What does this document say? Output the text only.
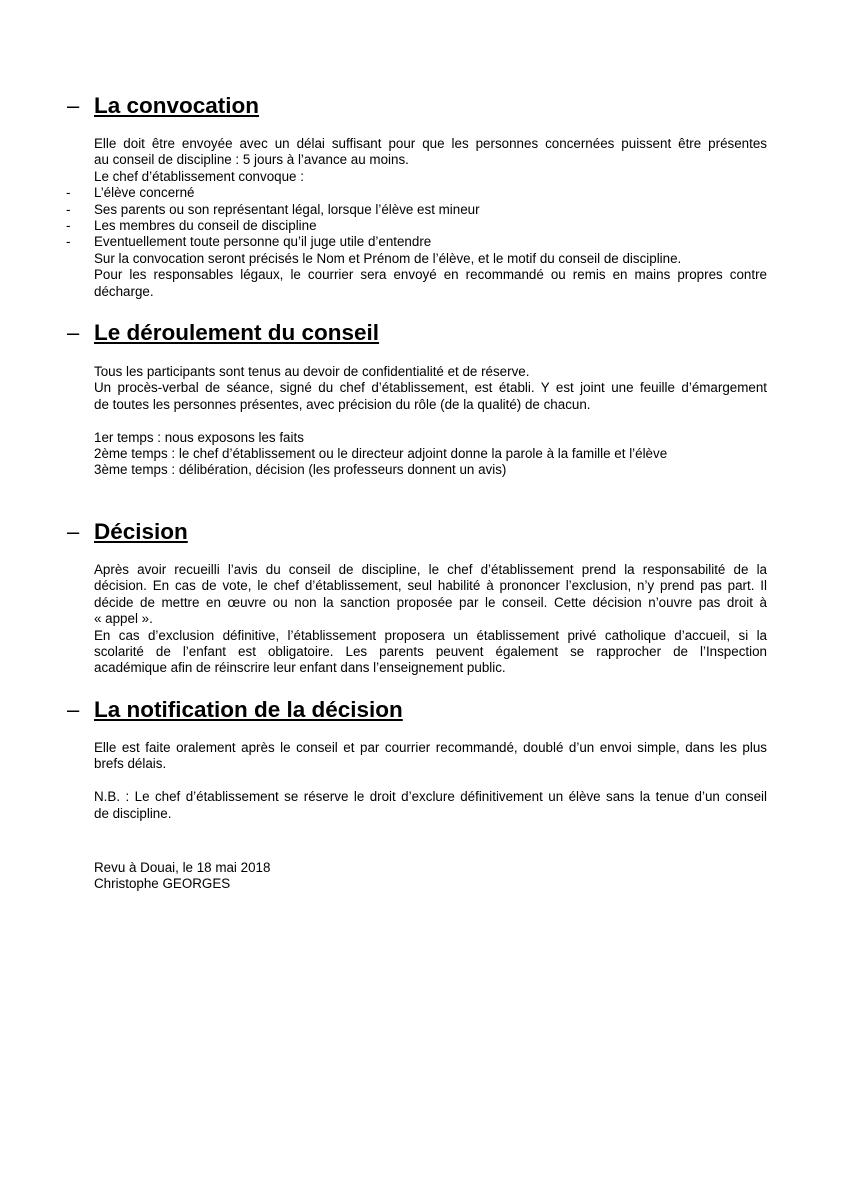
– La convocation
Elle doit être envoyée avec un délai suffisant pour que les personnes concernées puissent être présentes
au conseil de discipline : 5 jours à l’avance au moins.
Le chef d’établissement convoque :
- L’élève concerné
- Ses parents ou son représentant légal, lorsque l’élève est mineur
- Les membres du conseil de discipline
- Eventuellement toute personne qu’il juge utile d’entendre
Sur la convocation seront précisés le Nom et Prénom de l’élève, et le motif du conseil de discipline.
Pour les responsables légaux, le courrier sera envoyé en recommandé ou remis en mains propres contre
décharge.
– Le déroulement du conseil
Tous les participants sont tenus au devoir de confidentialité et de réserve.
Un procès-verbal de séance, signé du chef d’établissement, est établi. Y est joint une feuille d’émargement
de toutes les personnes présentes, avec précision du rôle (de la qualité) de chacun.
1er temps : nous exposons les faits
2ème temps : le chef d’établissement ou le directeur adjoint donne la parole à la famille et l’élève
3ème temps : délibération, décision (les professeurs donnent un avis)
– Décision
Après avoir recueilli l’avis du conseil de discipline, le chef d’établissement prend la responsabilité de la
décision. En cas de vote, le chef d’établissement, seul habilité à prononcer l’exclusion, n’y prend pas part. Il
décide de mettre en œuvre ou non la sanction proposée par le conseil. Cette décision n’ouvre pas droit à
« appel ».
En cas d’exclusion définitive, l’établissement proposera un établissement privé catholique d’accueil, si la
scolarité de l’enfant est obligatoire. Les parents peuvent également se rapprocher de l’Inspection
académique afin de réinscrire leur enfant dans l’enseignement public.
– La notification de la décision
Elle est faite oralement après le conseil et par courrier recommandé, doublé d’un envoi simple, dans les plus
brefs délais.
N.B. : Le chef d’établissement se réserve le droit d’exclure définitivement un élève sans la tenue d’un conseil
de discipline.
Revu à Douai, le 18 mai 2018
Christophe GEORGES
